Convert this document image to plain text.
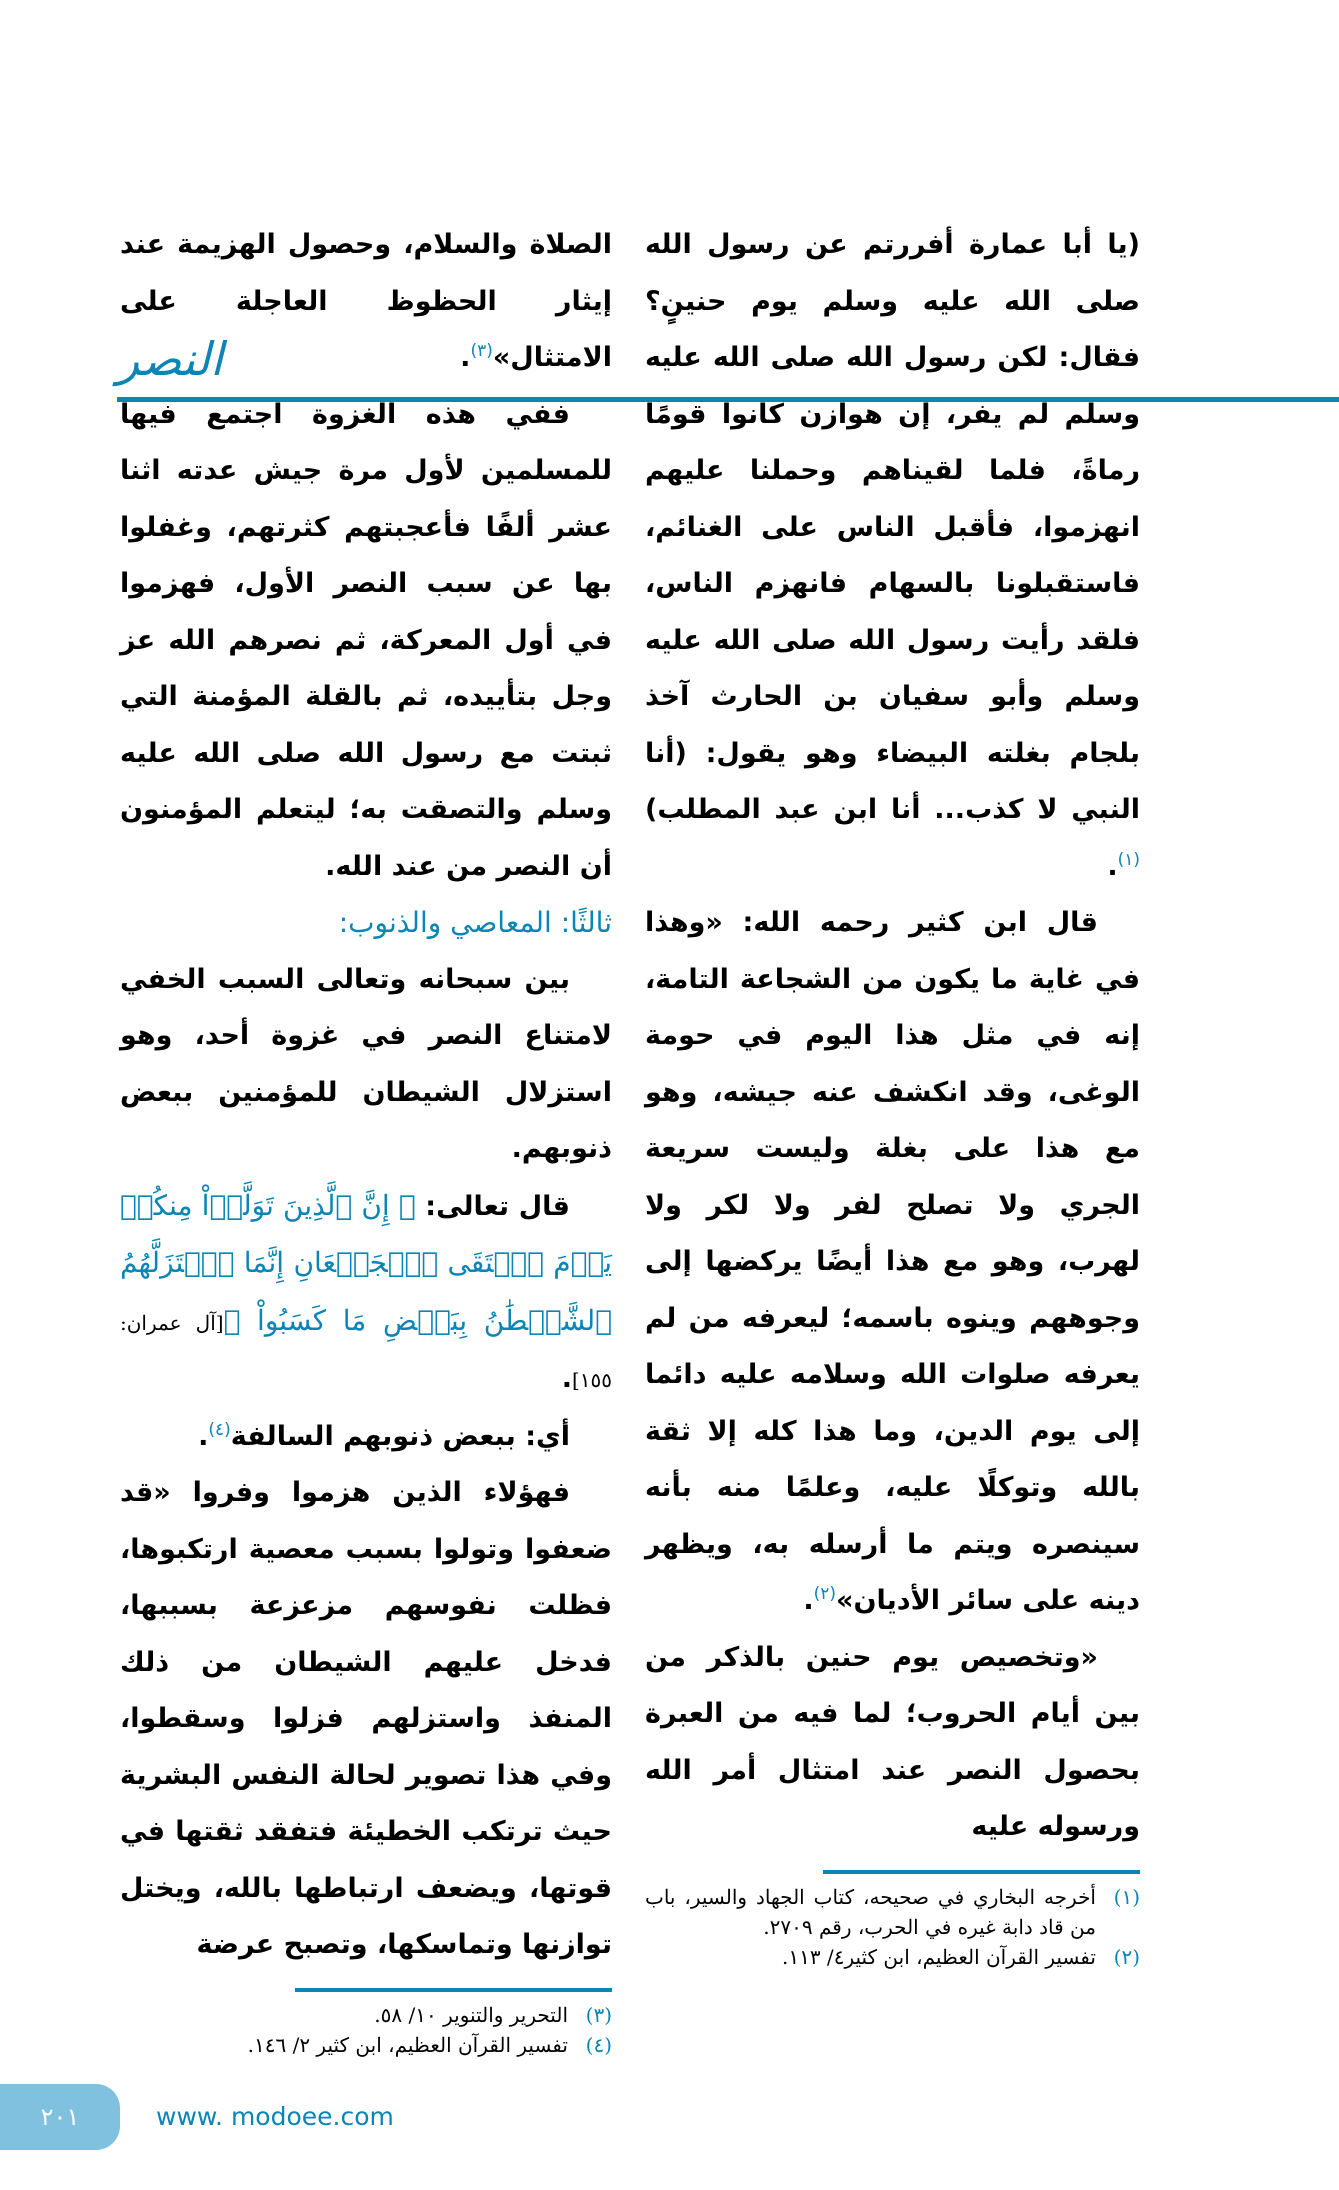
النصر

(يا أبا عمارة أفررتم عن رسول الله صلى الله عليه وسلم يوم حنينٍ؟ فقال: لكن رسول الله صلى الله عليه وسلم لم يفر، إن هوازن كانوا قومًا رماةً، فلما لقيناهم وحملنا عليهم انهزموا، فأقبل الناس على الغنائم، فاستقبلونا بالسهام فانهزم الناس، فلقد رأيت رسول الله صلى الله عليه وسلم وأبو سفيان بن الحارث آخذ بلجام بغلته البيضاء وهو يقول: (أنا النبي لا كذب... أنا ابن عبد المطلب)$^{(١)}$.

قال ابن كثير رحمه الله: «وهذا في غاية ما يكون من الشجاعة التامة، إنه في مثل هذا اليوم في حومة الوغى، وقد انكشف عنه جيشه، وهو مع هذا على بغلة وليست سريعة الجري ولا تصلح لفر ولا لكر ولا لهرب، وهو مع هذا أيضًا يركضها إلى وجوههم وينوه باسمه؛ ليعرفه من لم يعرفه صلوات الله وسلامه عليه دائما إلى يوم الدين، وما هذا كله إلا ثقة بالله وتوكلًا عليه، وعلمًا منه بأنه سينصره ويتم ما أرسله به، ويظهر دينه على سائر الأديان»$^{(٢)}$.

«وتخصيص يوم حنين بالذكر من بين أيام الحروب؛ لما فيه من العبرة بحصول النصر عند امتثال أمر الله ورسوله عليه

(١)
أخرجه البخاري في صحيحه، كتاب الجهاد والسير، باب من قاد دابة غيره في الحرب، رقم ٢٧٠٩.
(٢)
تفسير القرآن العظيم، ابن كثير٤/ ١١٣.

الصلاة والسلام، وحصول الهزيمة عند إيثار الحظوظ العاجلة على الامتثال»$^{(٣)}$.

ففي هذه الغزوة اجتمع فيها للمسلمين لأول مرة جيش عدته اثنا عشر ألفًا فأعجبتهم كثرتهم، وغفلوا بها عن سبب النصر الأول، فهزموا في أول المعركة، ثم نصرهم الله عز وجل بتأييده، ثم بالقلة المؤمنة التي ثبتت مع رسول الله صلى الله عليه وسلم والتصقت به؛ ليتعلم المؤمنون أن النصر من عند الله.

ثالثًا: المعاصي والذنوب:

بين سبحانه وتعالى السبب الخفي لامتناع النصر في غزوة أحد، وهو استزلال الشيطان للمؤمنين ببعض ذنوبهم.

قال تعالى: ﴿ إِنَّ ٱلَّذِينَ تَوَلَّوۡاْ مِنكُمۡ يَوۡمَ ٱلۡتَقَى ٱلۡجَمۡعَانِ إِنَّمَا ٱسۡتَزَلَّهُمُ ٱلشَّيۡطَٰنُ بِبَعۡضِ مَا كَسَبُواْ ﴾[آل عمران: ١٥٥].

أي: ببعض ذنوبهم السالفة$^{(٤)}$.

فهؤلاء الذين هزموا وفروا «قد ضعفوا وتولوا بسبب معصية ارتكبوها، فظلت نفوسهم مزعزعة بسببها، فدخل عليهم الشيطان من ذلك المنفذ واستزلهم فزلوا وسقطوا، وفي هذا تصوير لحالة النفس البشرية حيث ترتكب الخطيئة فتفقد ثقتها في قوتها، ويضعف ارتباطها بالله، ويختل توازنها وتماسكها، وتصبح عرضة

(٣)
التحرير والتنوير ١٠/ ٥٨.
(٤)
تفسير القرآن العظيم، ابن كثير ٢/ ١٤٦.
٢٠١	www. modoee.com
